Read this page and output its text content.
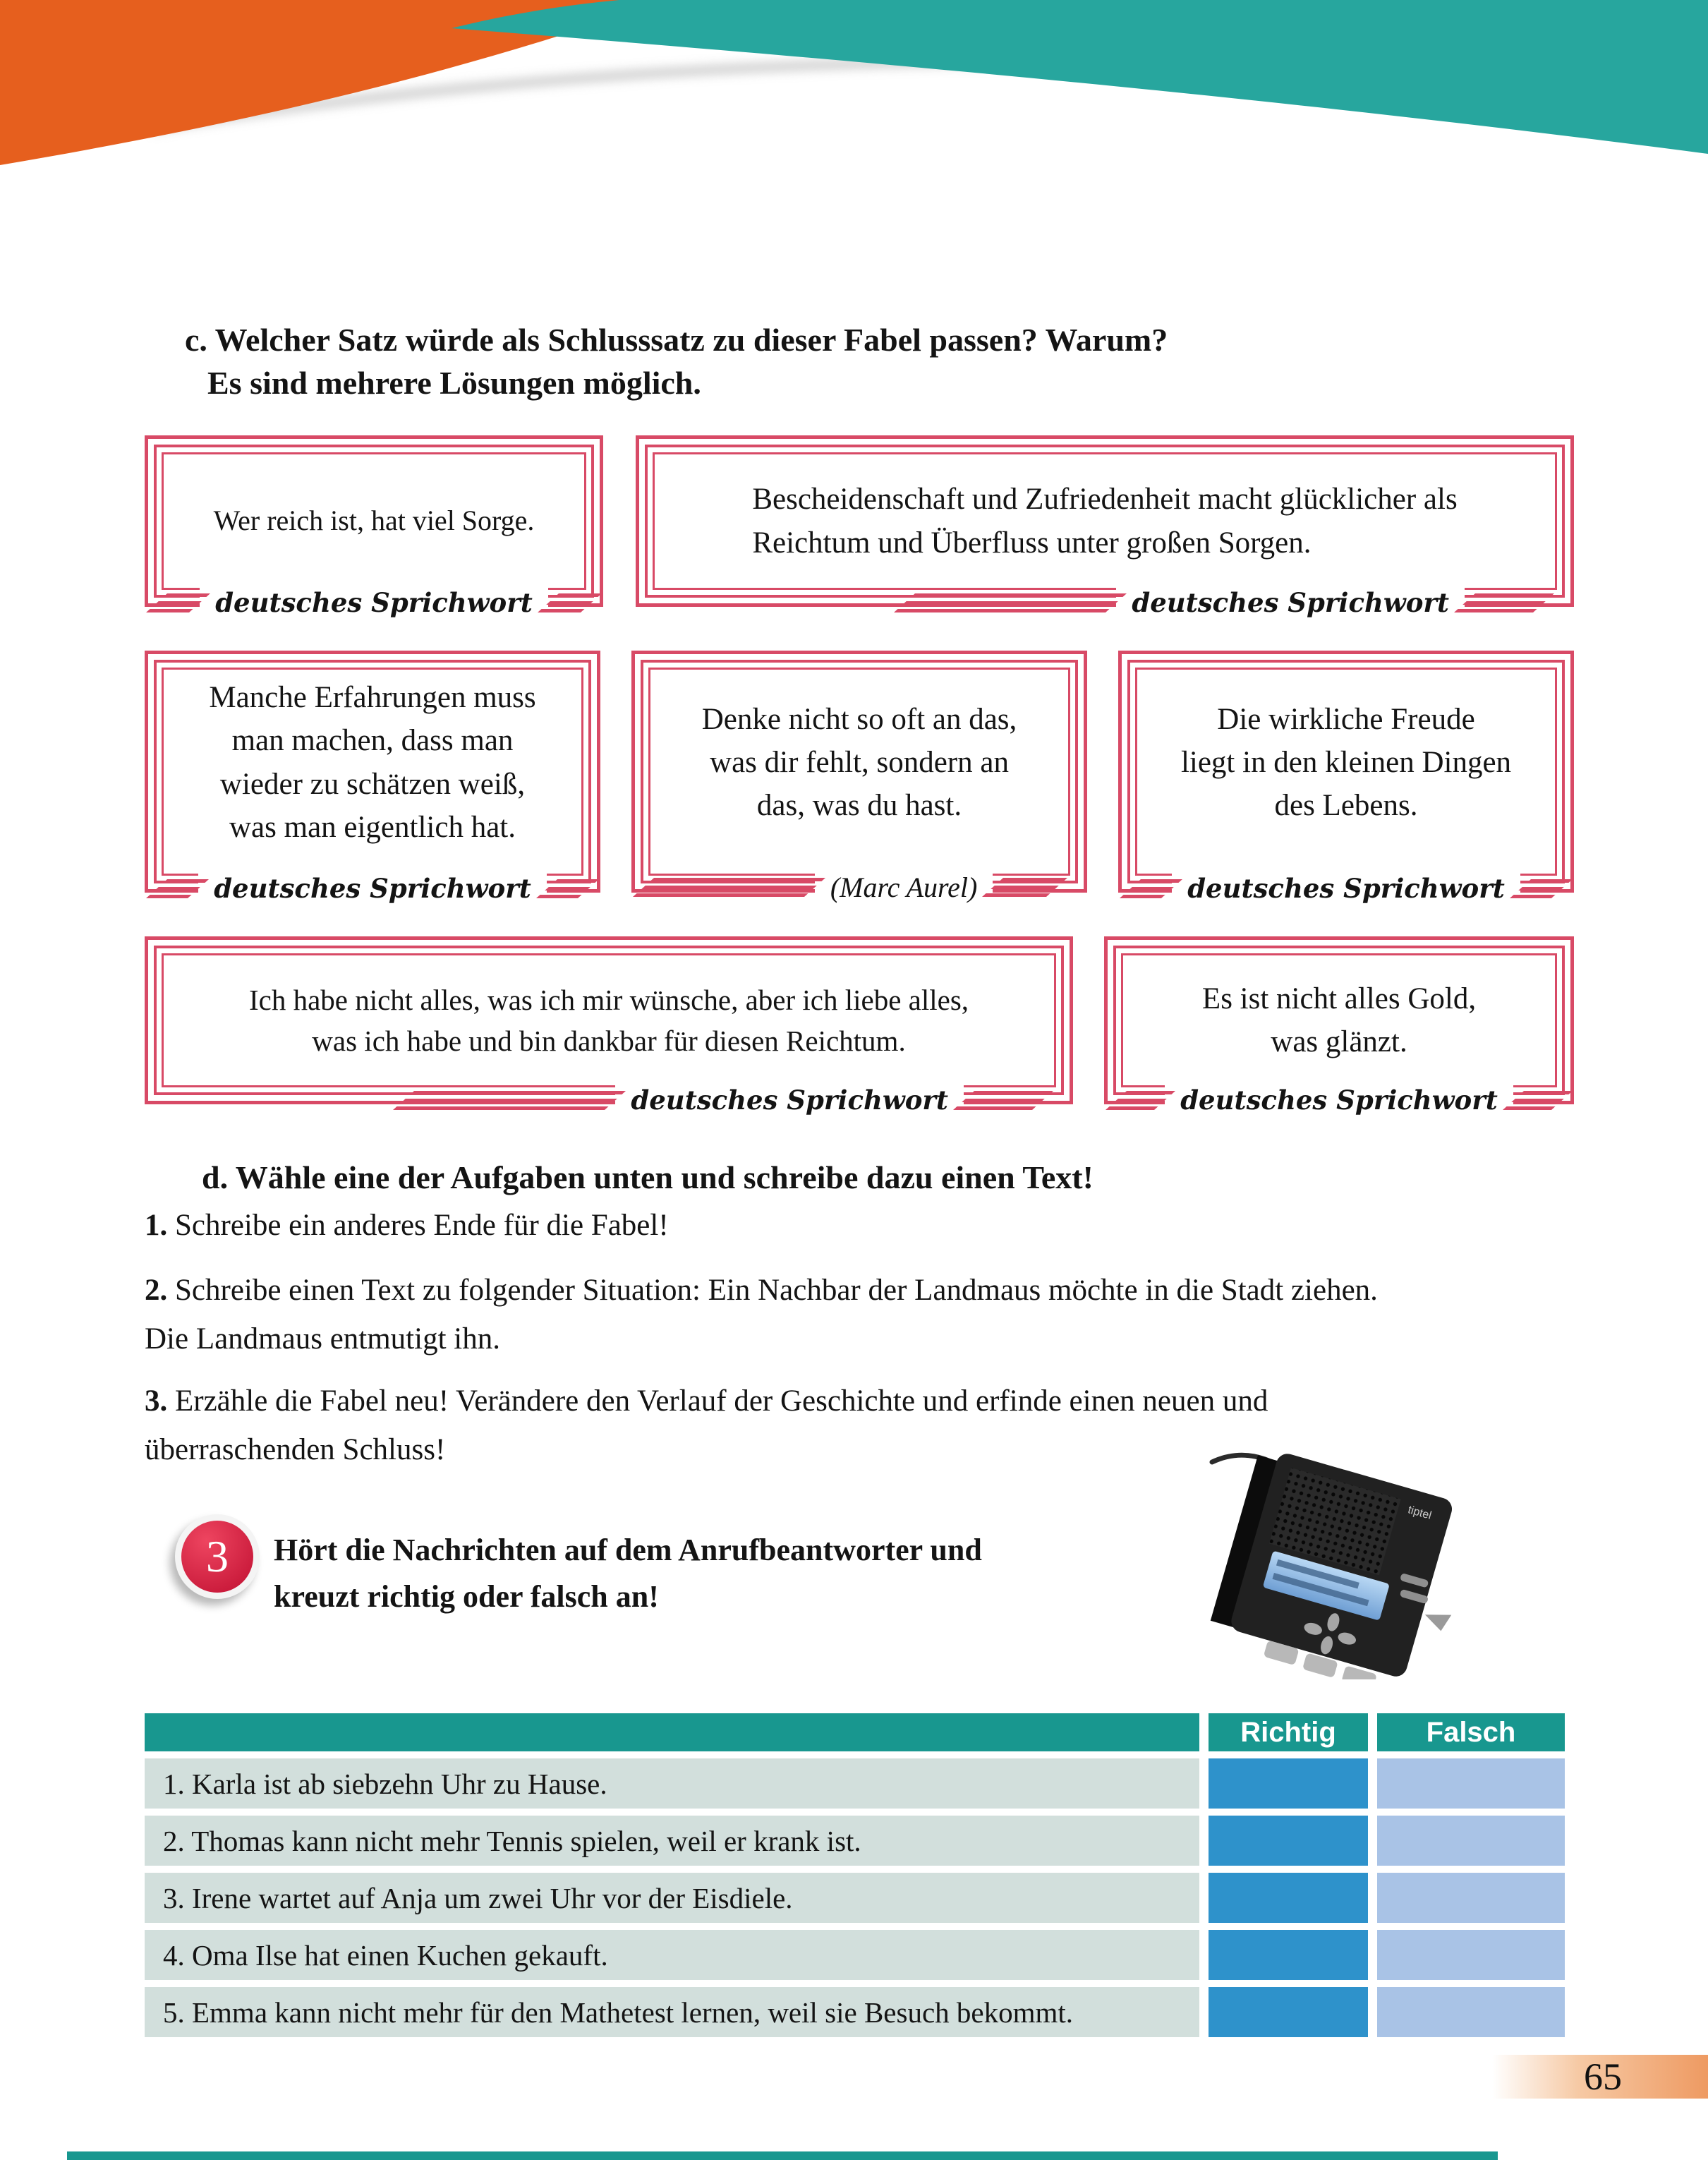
c. Welcher Satz würde als Schlusssatz zu dieser Fabel passen? Warum?
Es sind mehrere Lösungen möglich.

Wer reich ist, hat viel Sorge.

deutsches Sprichwort

Bescheidenschaft und Zufriedenheit macht glücklicher als
Reichtum und Überfluss unter großen Sorgen.

deutsches Sprichwort

Manche Erfahrungen muss
man machen, dass man
wieder zu schätzen weiß,
was man eigentlich hat.

deutsches Sprichwort

Denke nicht so oft an das,
was dir fehlt, sondern an
das, was du hast.

(Marc Aurel)

Die wirkliche Freude
liegt in den kleinen Dingen
des Lebens.

deutsches Sprichwort

Ich habe nicht alles, was ich mir wünsche, aber ich liebe alles,
was ich habe und bin dankbar für diesen Reichtum.

deutsches Sprichwort

Es ist nicht alles Gold,
was glänzt.

deutsches Sprichwort
d. Wähle eine der Aufgaben unten und schreibe dazu einen Text!
1. Schreibe ein anderes Ende für die Fabel!
2. Schreibe einen Text zu folgender Situation: Ein Nachbar der Landmaus möchte in die Stadt ziehen.
Die Landmaus entmutigt ihn.
3. Erzähle die Fabel neu! Verändere den Verlauf der Geschichte und erfinde einen neuen und
überraschenden Schluss!
3	Hört die Nachrichten auf dem Anrufbeantworter und
kreuzt richtig oder falsch an!
tiptel
Richtig	Falsch
1. Karla ist ab siebzehn Uhr zu Hause.
2. Thomas kann nicht mehr Tennis spielen, weil er krank ist.
3. Irene wartet auf Anja um zwei Uhr vor der Eisdiele.
4. Oma Ilse hat einen Kuchen gekauft.
5. Emma kann nicht mehr für den Mathetest lernen, weil sie Besuch bekommt.
65
